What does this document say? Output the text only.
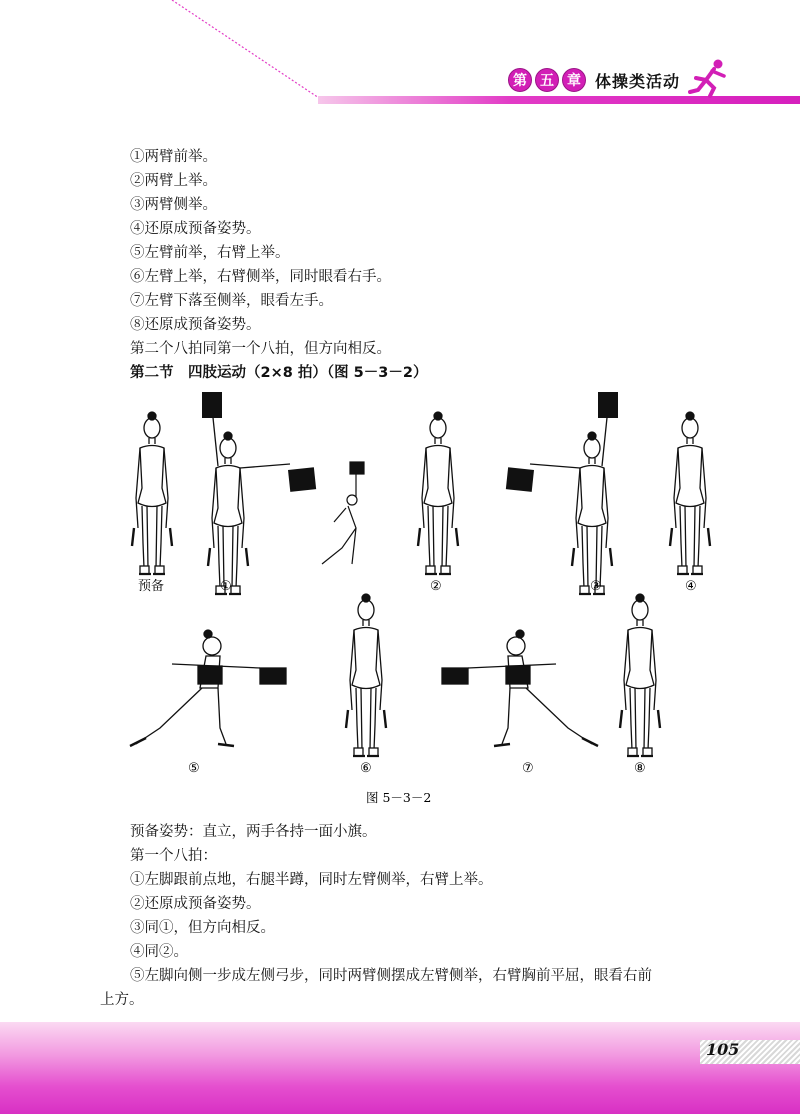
第 五 章 体操类活动
①两臂前举。
②两臂上举。
③两臂侧举。
④还原成预备姿势。
⑤左臂前举，右臂上举。
⑥左臂上举，右臂侧举，同时眼看右手。
⑦左臂下落至侧举，眼看左手。
⑧还原成预备姿势。
第二个八拍同第一个八拍，但方向相反。
第二节　四肢运动（2×8 拍）（图 5－3－2）
预备	①	②	③	④
⑤	⑥	⑦	⑧
图 5－3－2
预备姿势：直立，两手各持一面小旗。
第一个八拍：
①左脚跟前点地，右腿半蹲，同时左臂侧举，右臂上举。
②还原成预备姿势。
③同①，但方向相反。
④同②。
⑤左脚向侧一步成左侧弓步，同时两臂侧摆成左臂侧举，右臂胸前平屈，眼看右前
上方。
105
